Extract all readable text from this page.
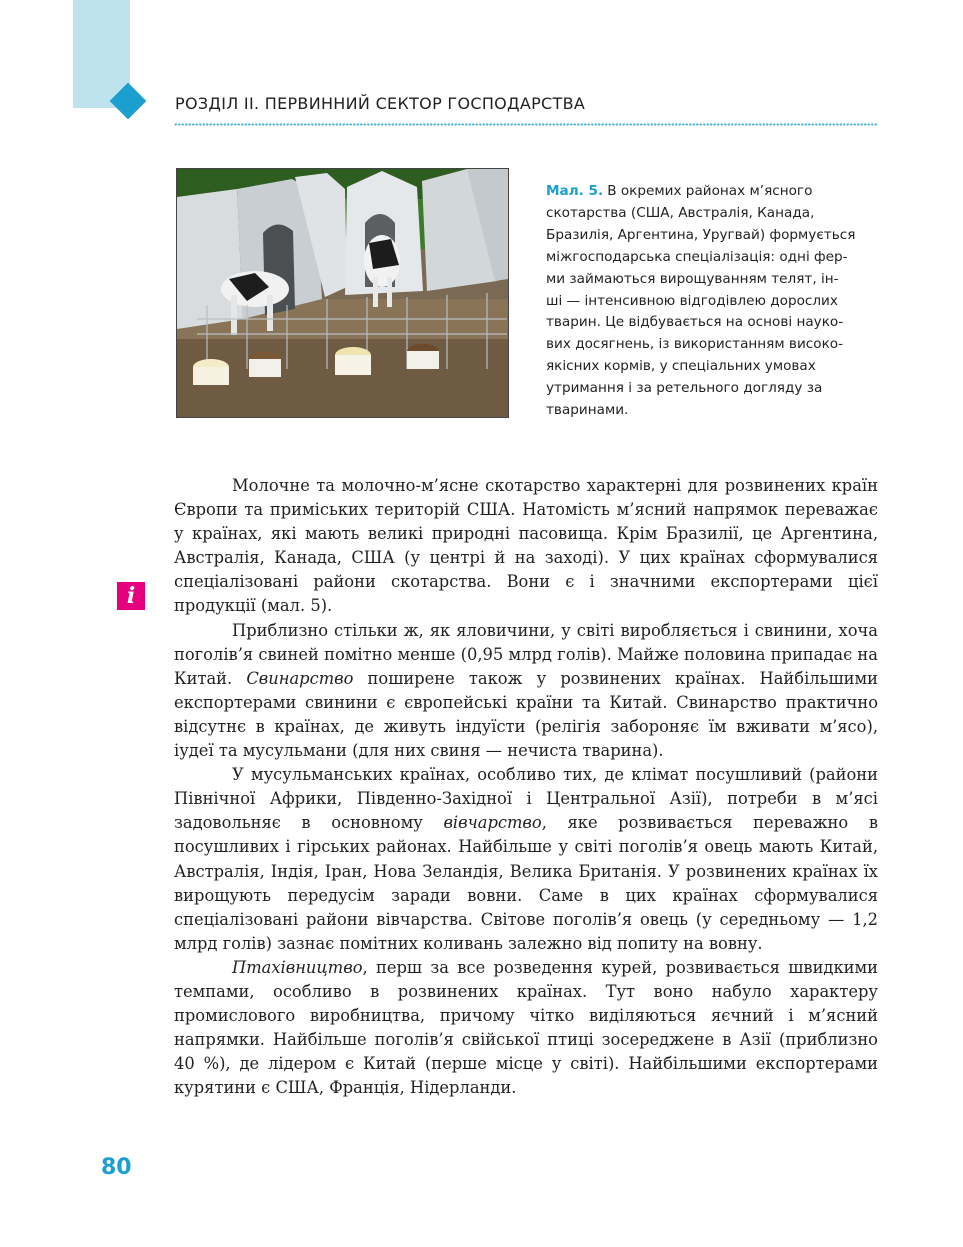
РОЗДІЛ ІІ. ПЕРВИННИЙ СЕКТОР ГОСПОДАРСТВА
Мал. 5. В окремих районах м’ясного
скотарства (США, Австралія, Канада,
Бразилія, Аргентина, Уругвай) формується
міжгосподарська спеціалізація: одні фер-
ми займаються вирощуванням телят, ін-
ші — інтенсивною відгодівлею дорослих
тварин. Це відбувається на основі науко-
вих досягнень, із використанням високо-
якісних кормів, у спеціальних умовах
утримання і за ретельного догляду за
тваринами.
i

Молочне та молочно-м’ясне скотарство характерні для розвинених країн Європи та приміських територій США. Натомість м’ясний напрямок переважає у країнах, які мають великі природні пасовища. Крім Бразилії, це Аргентина, Австралія, Канада, США (у центрі й на заході). У цих країнах сформувалися спеціалізовані райони скотарства. Вони є і значними експортерами цієї продукції (мал. 5).

Приблизно стільки ж, як яловичини, у світі виробляється і свинини, хоча поголів’я свиней помітно менше (0,95 млрд голів). Майже половина припадає на Китай. Свинарство поширене також у розвинених країнах. Найбільшими експортерами свинини є європейські країни та Китай. Свинарство практично відсутнє в країнах, де живуть індуїсти (релігія забороняє їм вживати м’ясо), іудеї та мусульмани (для них свиня — нечиста тварина).

У мусульманських країнах, особливо тих, де клімат посушливий (райони Північної Африки, Південно-Західної і Центральної Азії), потреби в м’ясі задовольняє в основному вівчарство, яке розвивається переважно в посушливих і гірських районах. Найбільше у світі поголів’я овець мають Китай, Австралія, Індія, Іран, Нова Зеландія, Велика Британія. У розвинених країнах їх вирощують передусім заради вовни. Саме в цих країнах сформувалися спеціалізовані райони вівчарства. Світове поголів’я овець (у середньому — 1,2 млрд голів) зазнає помітних коливань залежно від попиту на вовну.

Птахівництво, перш за все розведення курей, розвивається швидкими темпами, особливо в розвинених країнах. Тут воно набуло характеру промислового виробництва, причому чітко виділяються яєчний і м’ясний напрямки. Найбільше поголів’я свійської птиці зосереджене в Азії (приблизно 40 %), де лідером є Китай (перше місце у світі). Найбільшими експортерами курятини є США, Франція, Нідерланди.

80
